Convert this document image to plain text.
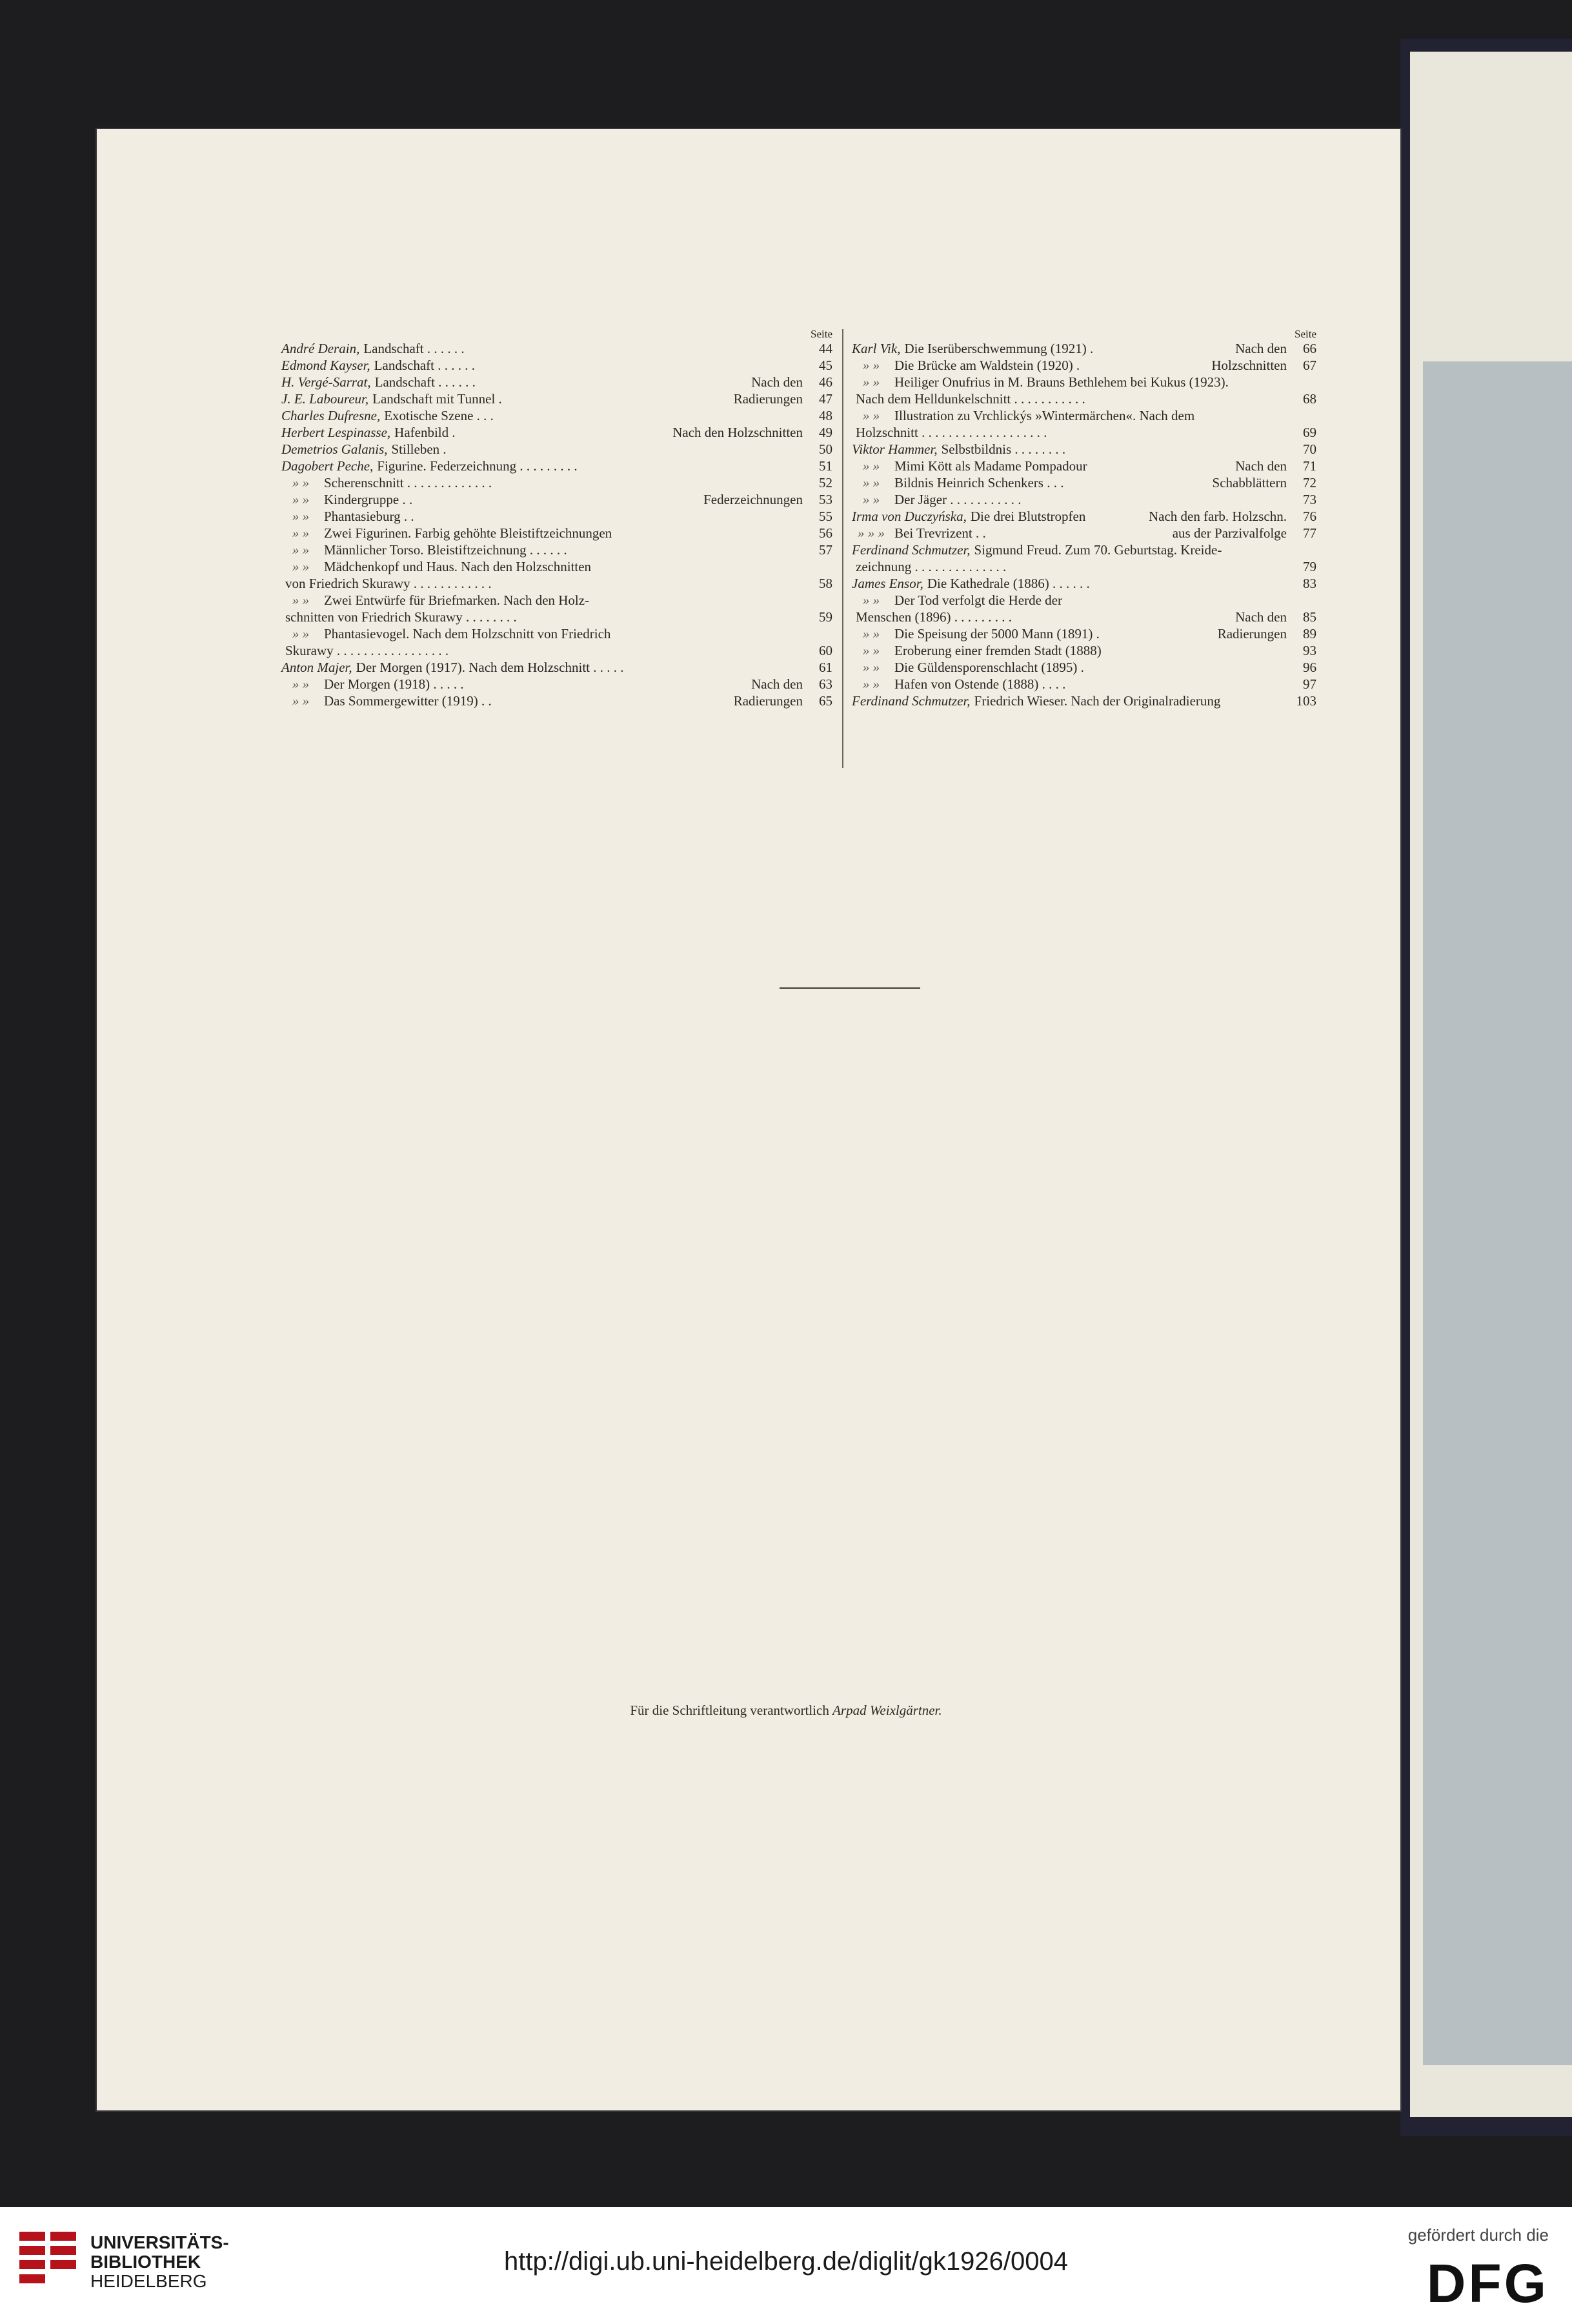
Seite
André Derain, Landschaft . . . . . .	44
Edmond Kayser, Landschaft . . . . . .	45
H. Vergé-Sarrat, Landschaft . . . . . .	Nach den	46
J. E. Laboureur, Landschaft mit Tunnel .	Radierungen	47
Charles Dufresne, Exotische Szene . . .	48
Herbert Lespinasse, Hafenbild .	Nach den Holzschnitten	49
Demetrios Galanis, Stilleben .	50
Dagobert Peche, Figurine. Federzeichnung . . . . . . . . .	51
» »	Scherenschnitt . . . . . . . . . . . . .	52
» »	Kindergruppe . .	Federzeichnungen	53
» »	Phantasieburg . .	55
» »	Zwei Figurinen. Farbig gehöhte Bleistiftzeichnungen	56
» »	Männlicher Torso. Bleistiftzeichnung . . . . . .	57
» »	Mädchenkopf und Haus. Nach den Holzschnitten
von Friedrich Skurawy . . . . . . . . . . . .	58
» »	Zwei Entwürfe für Briefmarken. Nach den Holz-
schnitten von Friedrich Skurawy . . . . . . . .	59
» »	Phantasievogel. Nach dem Holzschnitt von Friedrich
Skurawy . . . . . . . . . . . . . . . . .	60
Anton Majer, Der Morgen (1917). Nach dem Holzschnitt . . . . .	61
» »	Der Morgen (1918) . . . . .	Nach den	63
» »	Das Sommergewitter (1919) . .	Radierungen	65
Seite
Karl Vik, Die Iserüberschwemmung (1921) .	Nach den	66
» »	Die Brücke am Waldstein (1920) .	Holzschnitten	67
» »	Heiliger Onufrius in M. Brauns Bethlehem bei Kukus (1923).
Nach dem Helldunkelschnitt . . . . . . . . . . .	68
» »	Illustration zu Vrchlickýs »Wintermärchen«. Nach dem
Holzschnitt . . . . . . . . . . . . . . . . . . .	69
Viktor Hammer, Selbstbildnis . . . . . . . .	70
» »	Mimi Kött als Madame Pompadour	Nach den	71
» »	Bildnis Heinrich Schenkers . . .	Schabblättern	72
» »	Der Jäger . . . . . . . . . . .	73
Irma von Duczyńska, Die drei Blutstropfen	Nach den farb. Holzschn.	76
» » » Bei Trevrizent . .	aus der Parzivalfolge	77
Ferdinand Schmutzer, Sigmund Freud. Zum 70. Geburtstag. Kreide-
zeichnung . . . . . . . . . . . . . .	79
James Ensor, Die Kathedrale (1886) . . . . . .	83
» »	Der Tod verfolgt die Herde der
Menschen (1896) . . . . . . . . .	Nach den	85
» »	Die Speisung der 5000 Mann (1891) .	Radierungen	89
» »	Eroberung einer fremden Stadt (1888)	93
» »	Die Güldensporenschlacht (1895) .	96
» »	Hafen von Ostende (1888) . . . .	97
Ferdinand Schmutzer, Friedrich Wieser. Nach der Originalradierung	103
Für die Schriftleitung verantwortlich Arpad Weixlgärtner.
UNIVERSITÄTS-
BIBLIOTHEK
HEIDELBERG
http://digi.ub.uni-heidelberg.de/diglit/gk1926/0004
gefördert durch die
DFG
